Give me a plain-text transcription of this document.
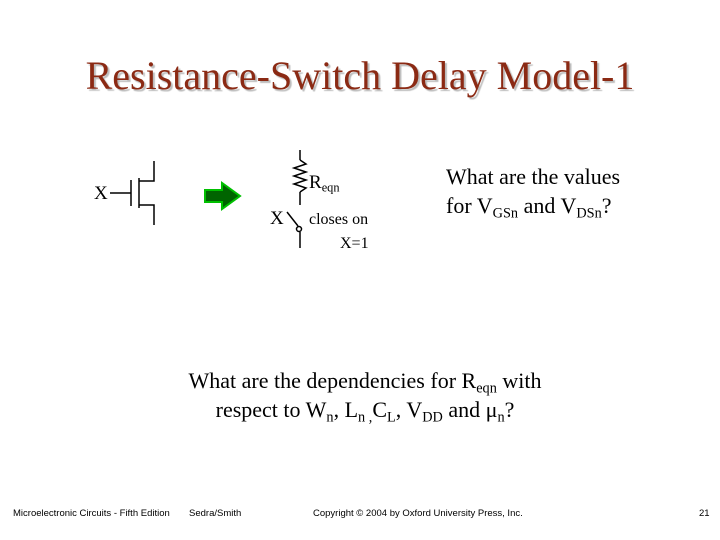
Resistance-Switch Delay Model-1
X
$R_{eqn}$
X closes on
X=1
What are the values
for $V_{GSn}$ and $V_{DSn}$?
What are the dependencies for $R_{eqn}$ with
respect to $W_n$, $L_{n ,}C_L$, $V_{DD}$ and $\mu_n$?
Microelectronic Circuits - Fifth Edition Sedra/Smith	Copyright © 2004 by Oxford University Press, Inc.	21
